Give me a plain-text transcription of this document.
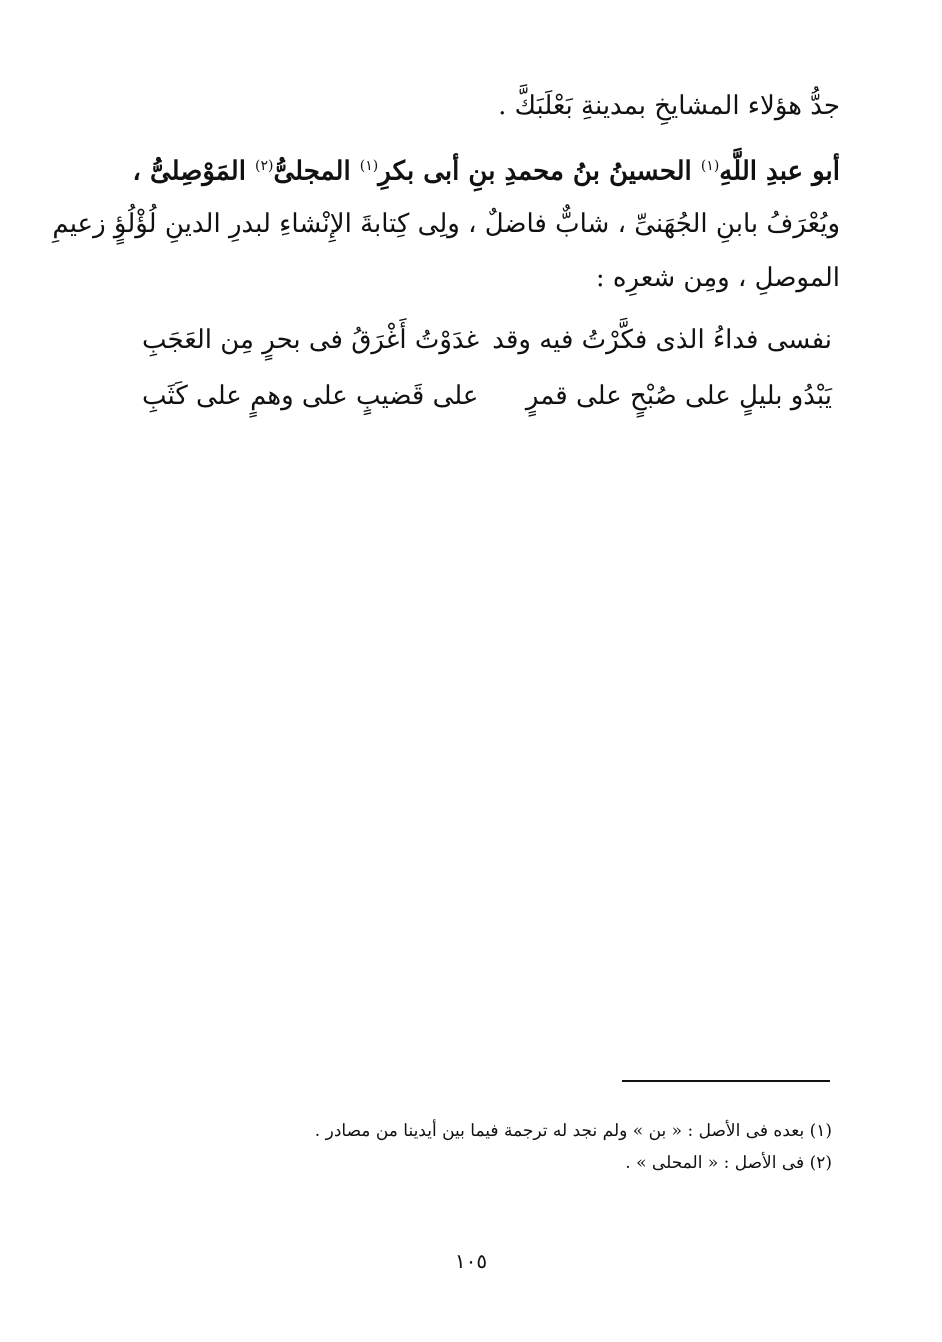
جدُّ هؤلاء المشايخِ بمدينةِ بَعْلَبَكَّ .
أبو عبدِ اللَّهِ$^{(١)}$ الحسينُ بنُ محمدِ بنِ أبى بكرِ$^{(١)}$ المجلىُّ$^{(٢)}$ المَوْصِلىُّ ،
ويُعْرَفُ بابنِ الجُهَنىِّ ، شابٌّ فاضلٌ ، ولِى كِتابةَ الإِنْشاءِ لبدرِ الدينِ لُؤْلُؤٍ زعيمِ
الموصلِ ، ومِن شعرِه :
نفسى فداءُ الذى فكَّرْتُ فيه وقد
غدَوْتُ أَغْرَقُ فى بحرٍ مِن العَجَبِ
يَبْدُو بليلٍ على صُبْحٍ على قمرٍ
على قَضيبٍ على وهمٍ على كَثَبِ
(١) بعده فى الأصل : « بن » ولم نجد له ترجمة فيما بين أيدينا من مصادر .
(٢) فى الأصل : « المحلى » .
١٠٥
